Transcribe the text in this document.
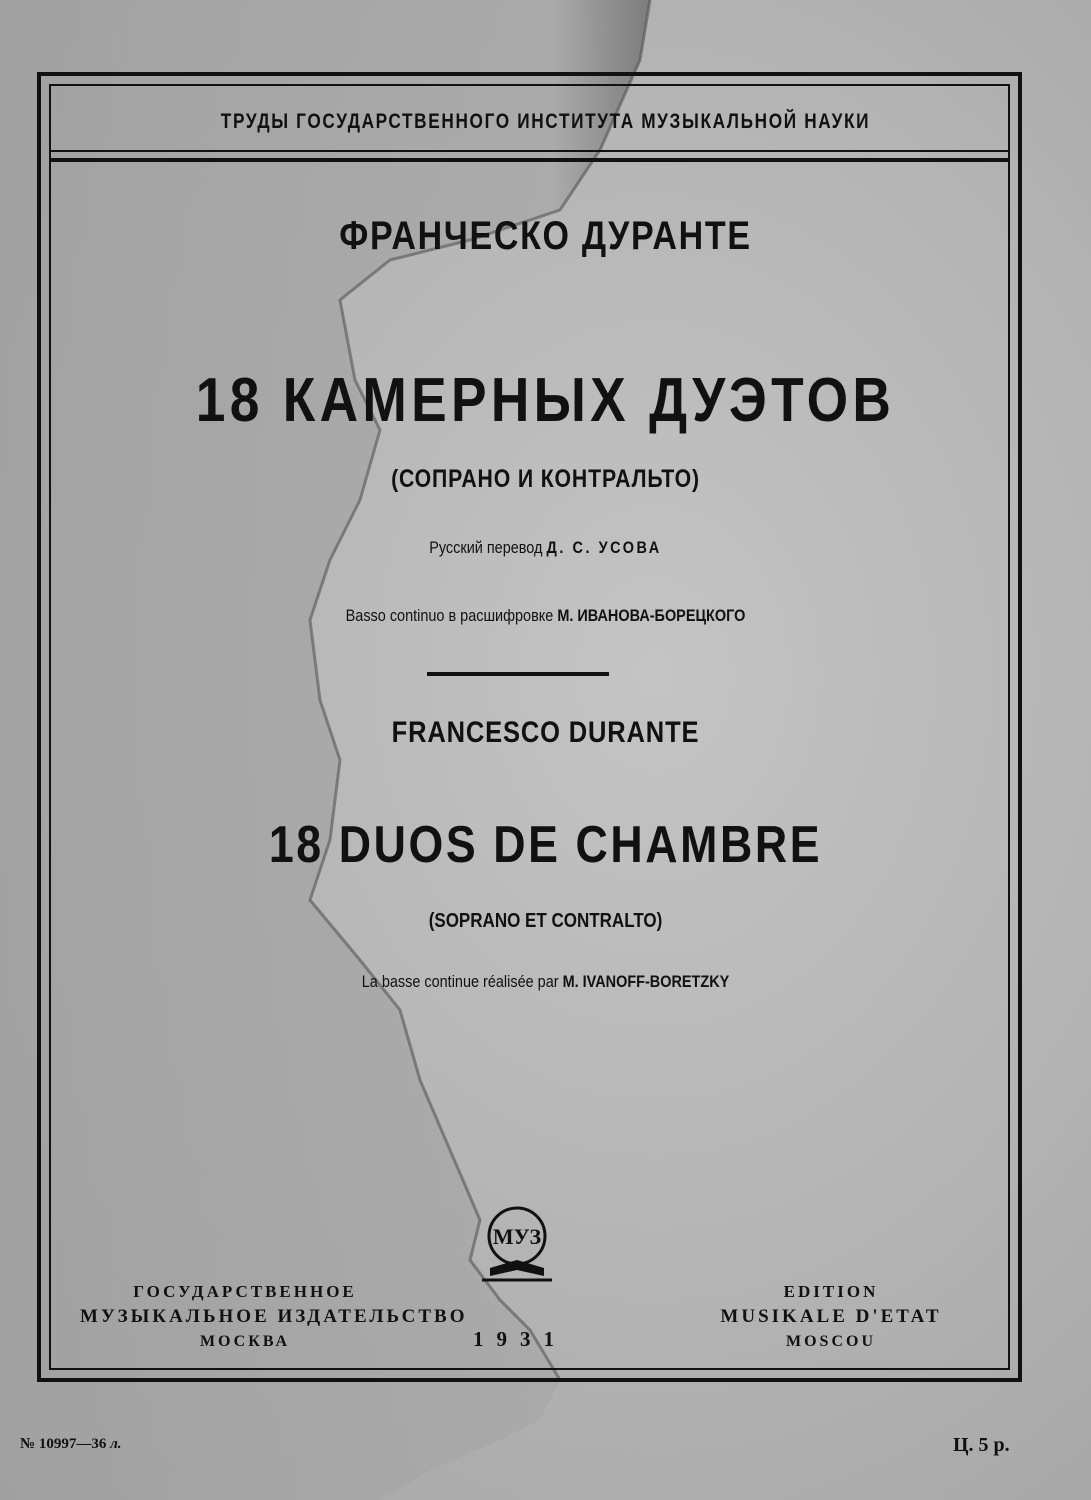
ТРУДЫ ГОСУДАРСТВЕННОГО ИНСТИТУТА МУЗЫКАЛЬНОЙ НАУКИ
ФРАНЧЕСКО ДУРАНТЕ
18 КАМЕРНЫХ ДУЭТОВ
(СОПРАНО И КОНТРАЛЬТО)
Русский перевод Д. С. УСОВА
Basso continuo в расшифровке М. ИВАНОВА-БОРЕЦКОГО
FRANCESCO DURANTE
18 DUOS DE CHAMBRE
(SOPRANO ET CONTRALTO)
La basse continue réalisée par M. IVANOFF-BORETZKY
МУЗ
ГОСУДАРСТВЕННОЕ
МУЗЫКАЛЬНОЕ ИЗДАТЕЛЬСТВО
МОСКВА
EDITION
MUSIKALE D'ETAT
MOSCOU
1931
№ 10997—36 л.	Ц. 5 р.
